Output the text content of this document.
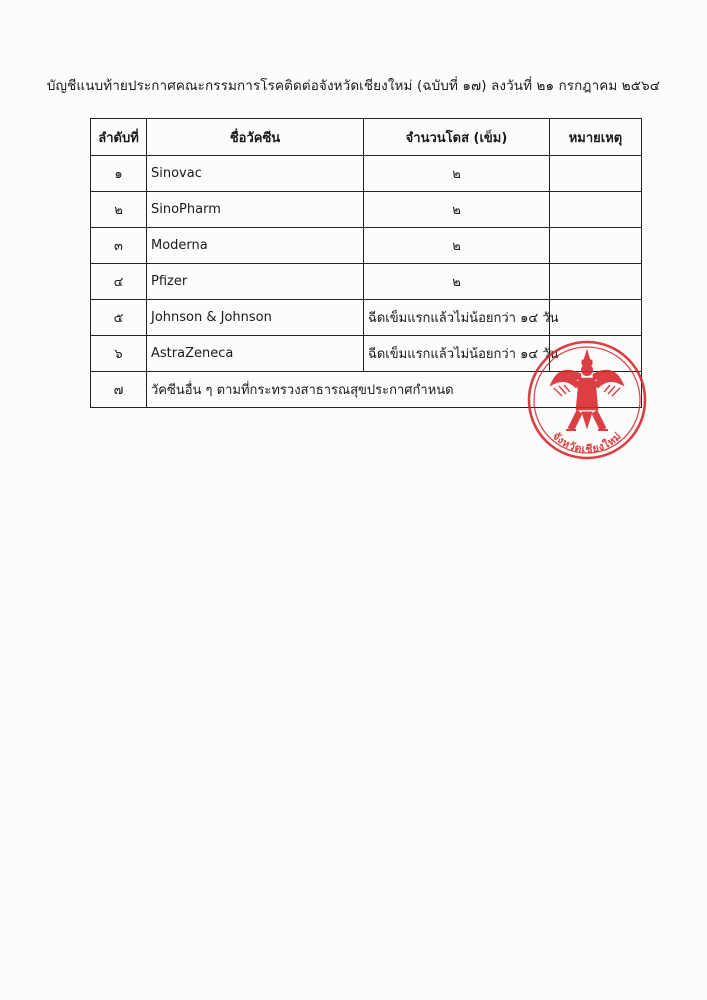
บัญชีแนบท้ายประกาศคณะกรรมการโรคติดต่อจังหวัดเชียงใหม่ (ฉบับที่ ๑๗) ลงวันที่ ๒๑ กรกฎาคม ๒๕๖๔
ลำดับที่	ชื่อวัคซีน	จำนวนโดส (เข็ม)	หมายเหตุ
๑	Sinovac	๒	
๒	SinoPharm	๒	
๓	Moderna	๒	
๔	Pfizer	๒	
๕	Johnson & Johnson	ฉีดเข็มแรกแล้วไม่น้อยกว่า ๑๔ วัน	
๖	AstraZeneca	ฉีดเข็มแรกแล้วไม่น้อยกว่า ๑๔ วัน	
๗	วัคซีนอื่น ๆ ตามที่กระทรวงสาธารณสุขประกาศกำหนด		
จังหวัดเชียงใหม่
